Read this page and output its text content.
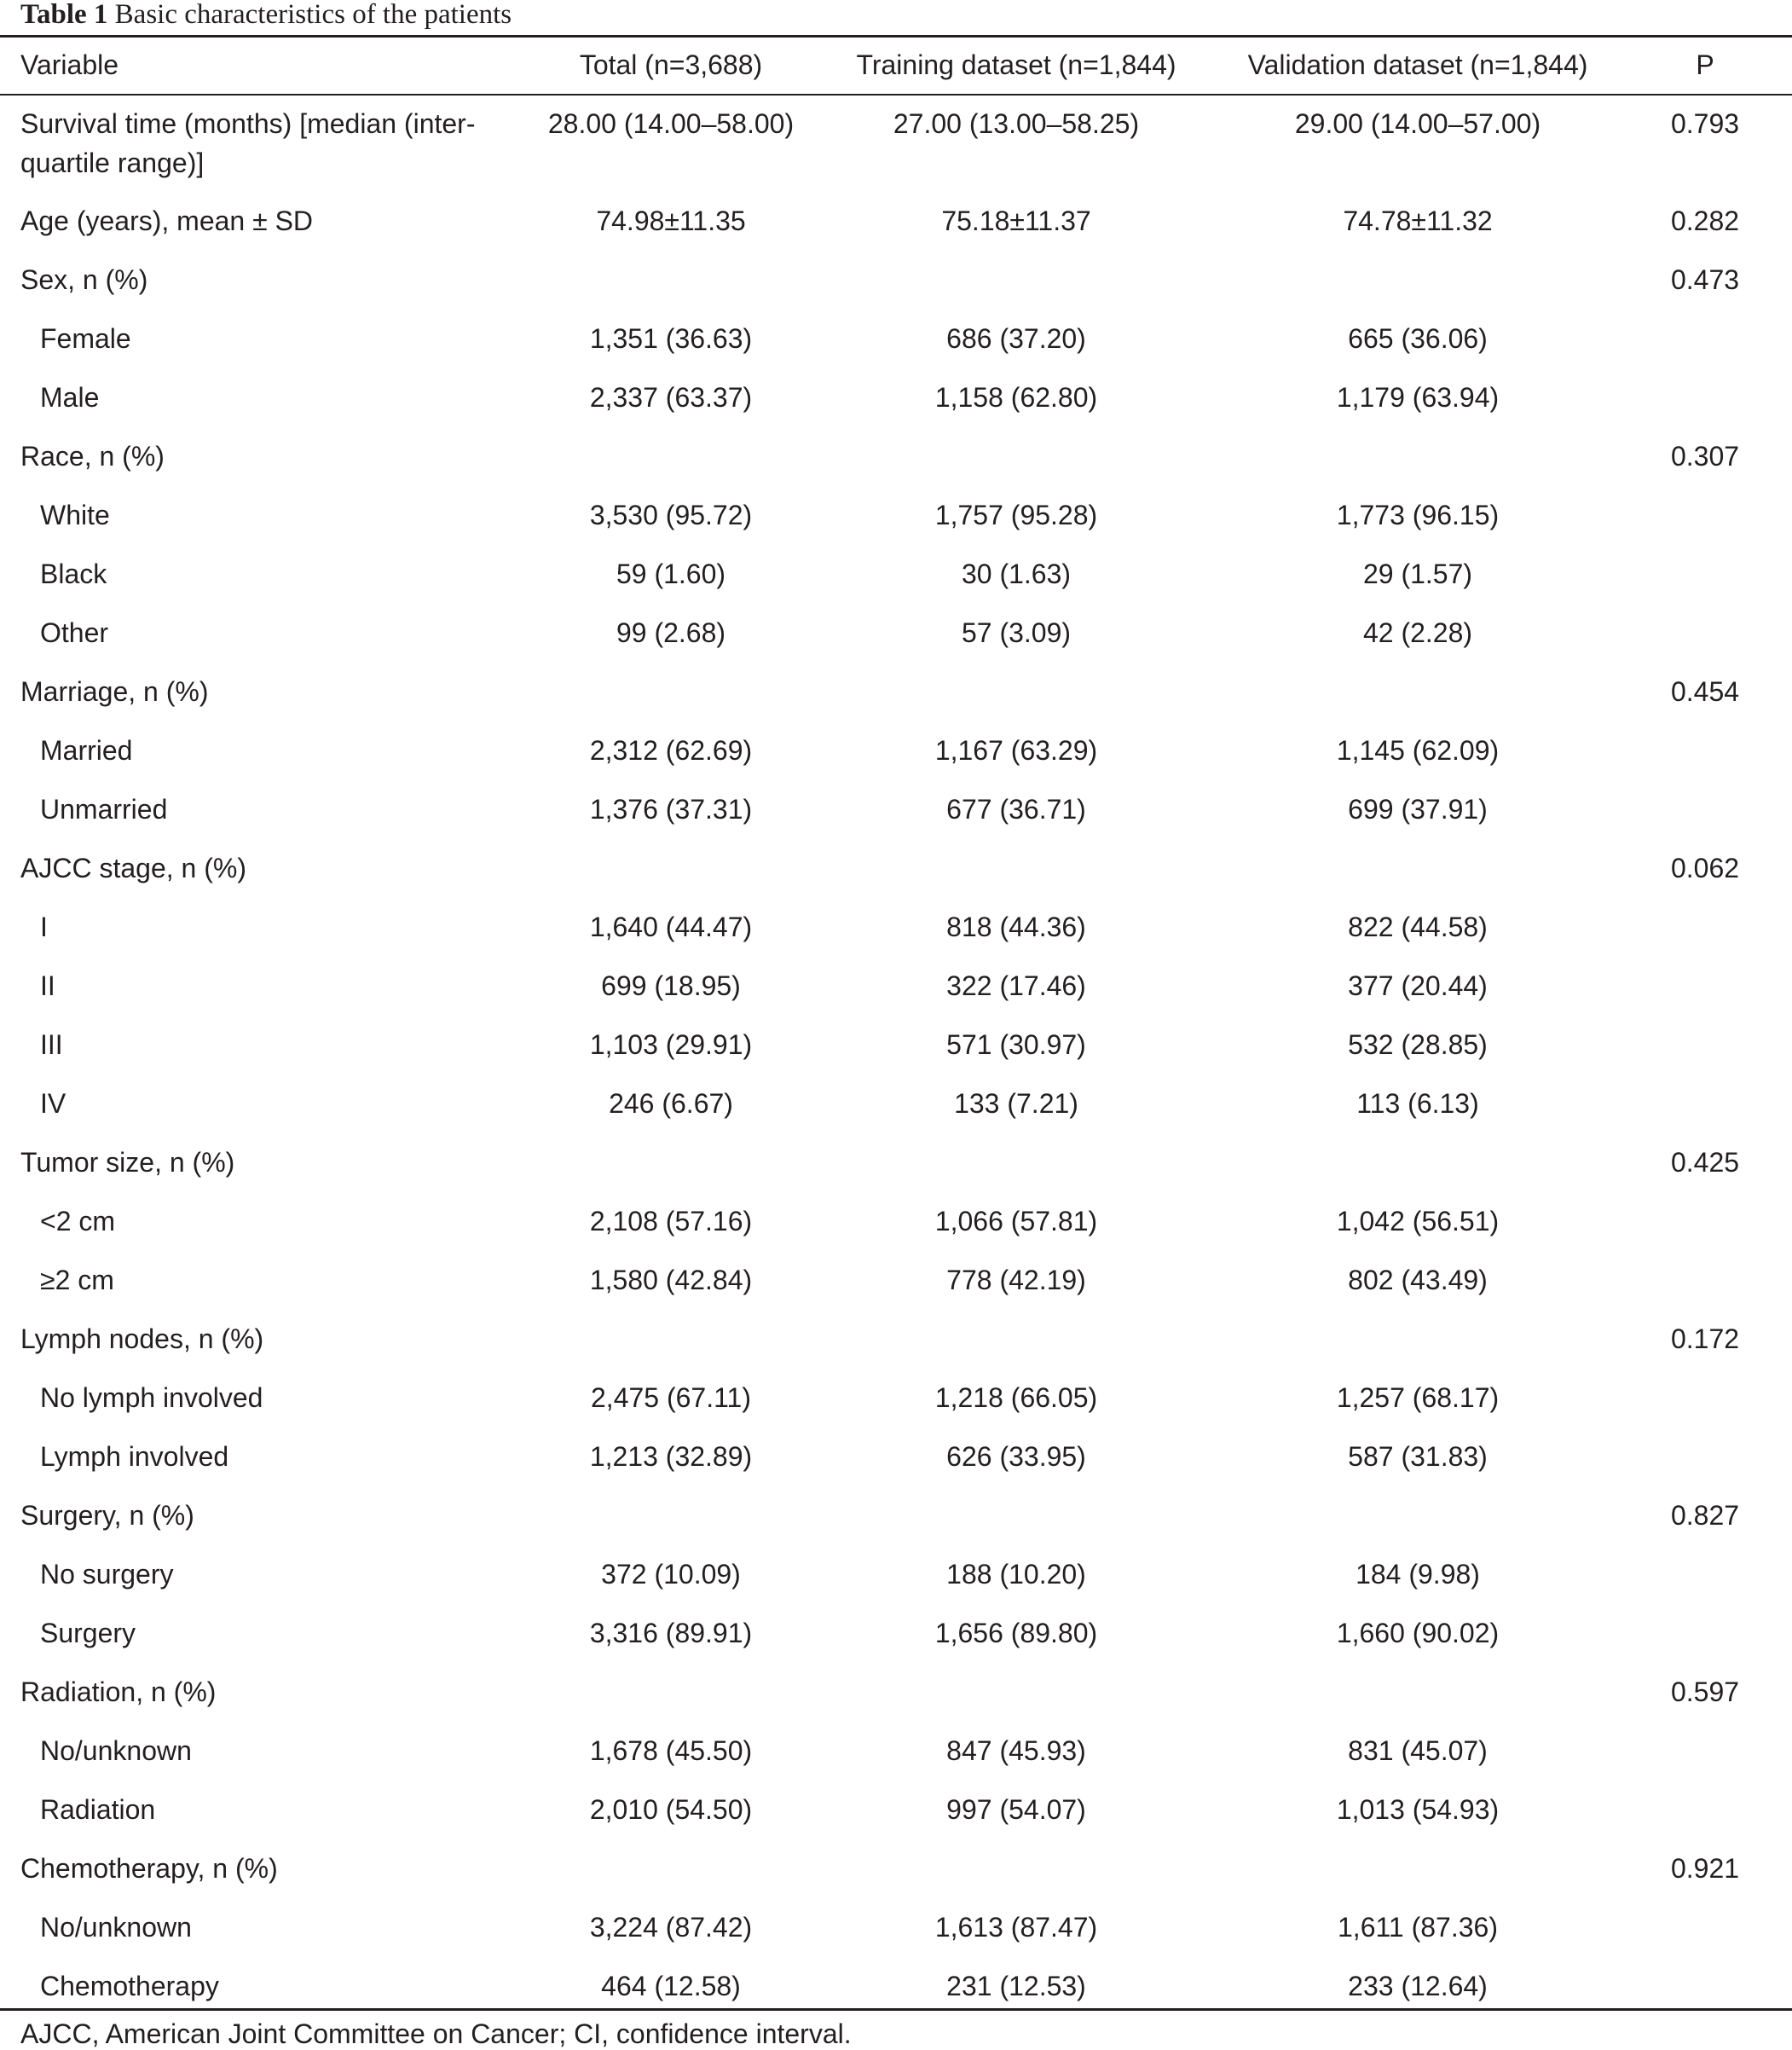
Table 1 Basic characteristics of the patients
Variable	Total (n=3,688)	Training dataset (n=1,844)	Validation dataset (n=1,844)	P
Survival time (months) [median (inter-quartile range)]	28.00 (14.00–58.00)	27.00 (13.00–58.25)	29.00 (14.00–57.00)	0.793
Age (years), mean ± SD	74.98±11.35	75.18±11.37	74.78±11.32	0.282
Sex, n (%)				0.473
Female	1,351 (36.63)	686 (37.20)	665 (36.06)	
Male	2,337 (63.37)	1,158 (62.80)	1,179 (63.94)	
Race, n (%)				0.307
White	3,530 (95.72)	1,757 (95.28)	1,773 (96.15)	
Black	59 (1.60)	30 (1.63)	29 (1.57)	
Other	99 (2.68)	57 (3.09)	42 (2.28)	
Marriage, n (%)				0.454
Married	2,312 (62.69)	1,167 (63.29)	1,145 (62.09)	
Unmarried	1,376 (37.31)	677 (36.71)	699 (37.91)	
AJCC stage, n (%)				0.062
I	1,640 (44.47)	818 (44.36)	822 (44.58)	
II	699 (18.95)	322 (17.46)	377 (20.44)	
III	1,103 (29.91)	571 (30.97)	532 (28.85)	
IV	246 (6.67)	133 (7.21)	113 (6.13)	
Tumor size, n (%)				0.425
<2 cm	2,108 (57.16)	1,066 (57.81)	1,042 (56.51)	
≥2 cm	1,580 (42.84)	778 (42.19)	802 (43.49)	
Lymph nodes, n (%)				0.172
No lymph involved	2,475 (67.11)	1,218 (66.05)	1,257 (68.17)	
Lymph involved	1,213 (32.89)	626 (33.95)	587 (31.83)	
Surgery, n (%)				0.827
No surgery	372 (10.09)	188 (10.20)	184 (9.98)	
Surgery	3,316 (89.91)	1,656 (89.80)	1,660 (90.02)	
Radiation, n (%)				0.597
No/unknown	1,678 (45.50)	847 (45.93)	831 (45.07)	
Radiation	2,010 (54.50)	997 (54.07)	1,013 (54.93)	
Chemotherapy, n (%)				0.921
No/unknown	3,224 (87.42)	1,613 (87.47)	1,611 (87.36)	
Chemotherapy	464 (12.58)	231 (12.53)	233 (12.64)	
AJCC, American Joint Committee on Cancer; CI, confidence interval.
